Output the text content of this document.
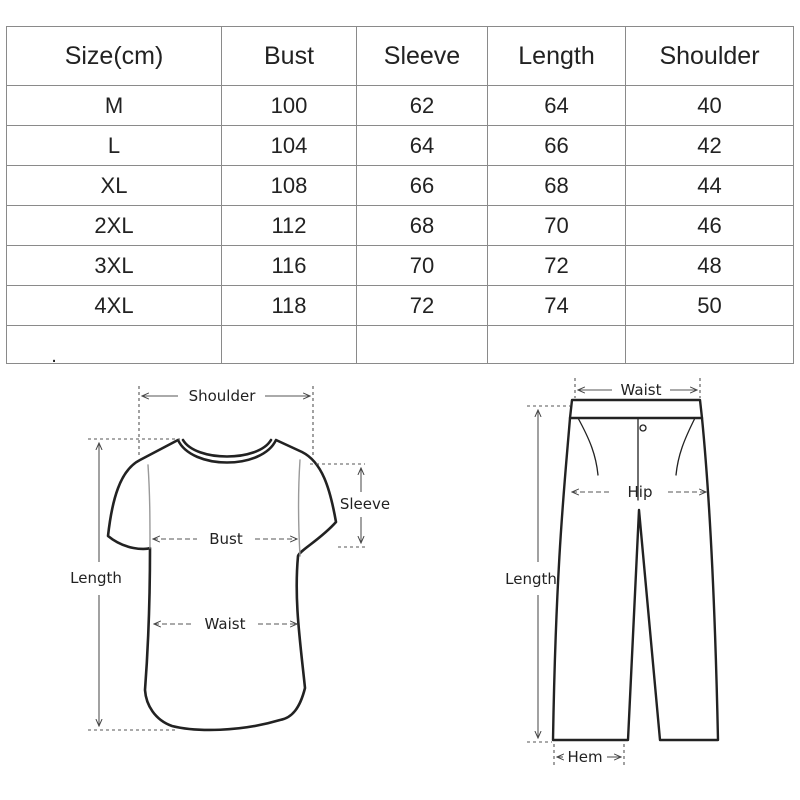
Size(cm)	Bust	Sleeve	Length	Shoulder
M	100	62	64	40
L	104	64	66	42
XL	108	66	68	44
2XL	112	68	70	46
3XL	116	70	72	48
4XL	118	72	74	50
.				
Shoulder
Sleeve
Bust
Length
Waist
Waist
Hip
Length
Hem
